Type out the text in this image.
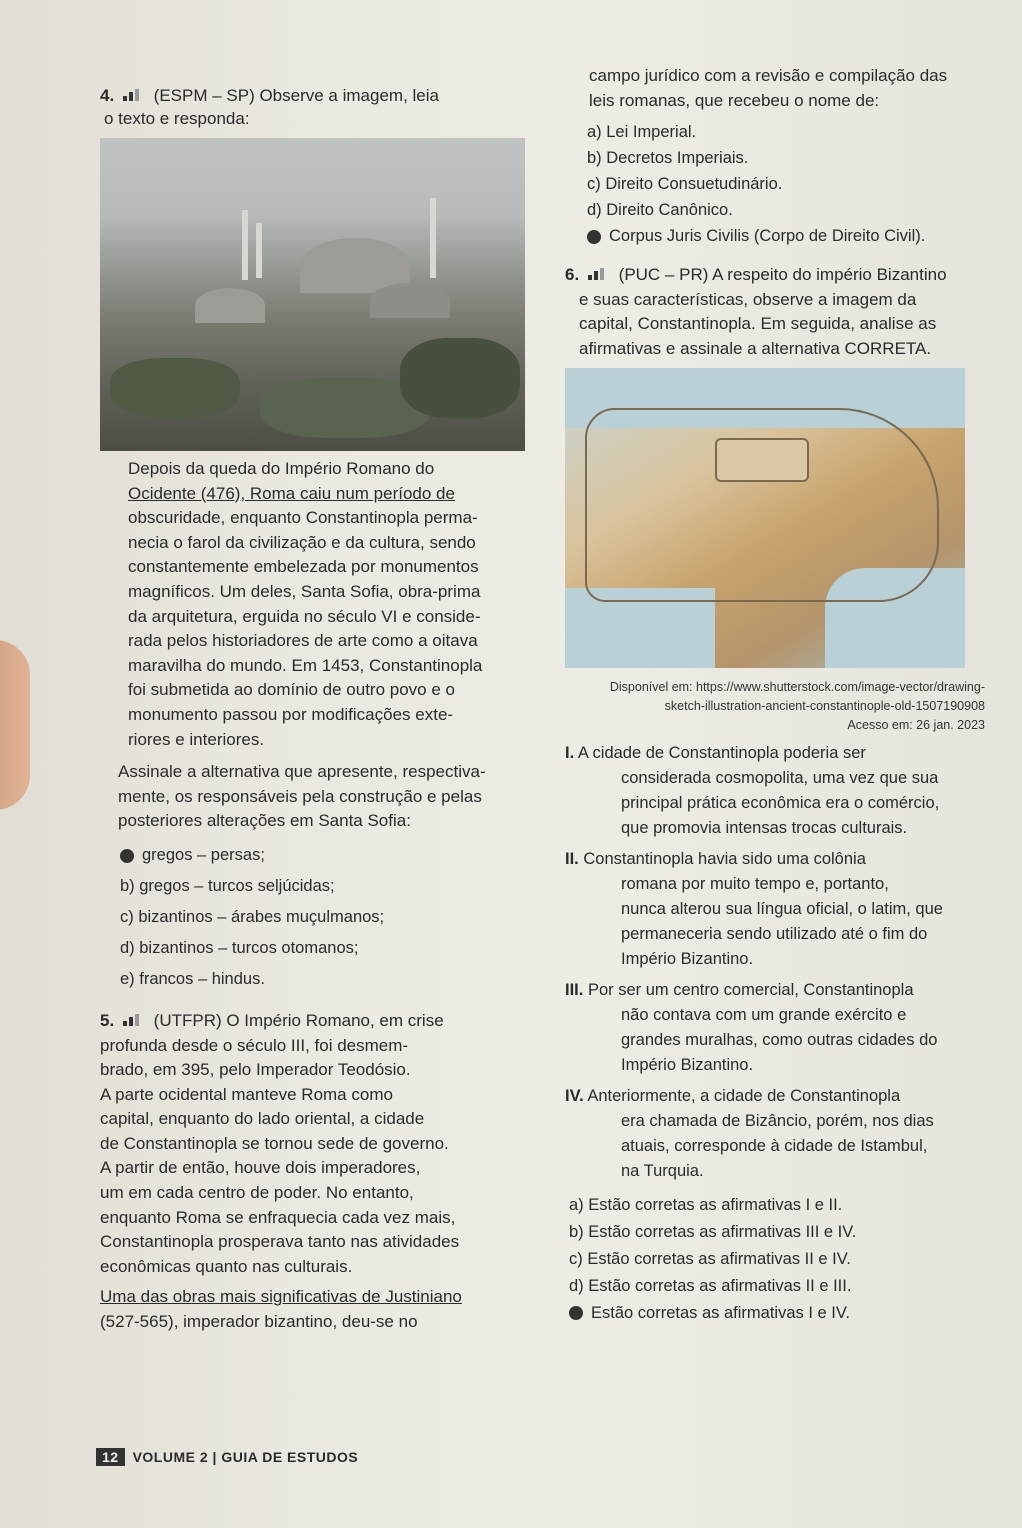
4. (ESPM – SP) Observe a imagem, leia
o texto e responda:
Depois da queda do Império Romano do
Ocidente (476), Roma caiu num período de
obscuridade, enquanto Constantinopla perma-
necia o farol da civilização e da cultura, sendo
constantemente embelezada por monumentos
magníficos. Um deles, Santa Sofia, obra-prima
da arquitetura, erguida no século VI e conside-
rada pelos historiadores de arte como a oitava
maravilha do mundo. Em 1453, Constantinopla
foi submetida ao domínio de outro povo e o
monumento passou por modificações exte-
riores e interiores.
Assinale a alternativa que apresente, respectiva-
mente, os responsáveis pela construção e pelas
posteriores alterações em Santa Sofia:
gregos – persas;
b) gregos – turcos seljúcidas;
c) bizantinos – árabes muçulmanos;
d) bizantinos – turcos otomanos;
e) francos – hindus.
5. (UTFPR) O Império Romano, em crise
profunda desde o século III, foi desmem-
brado, em 395, pelo Imperador Teodósio.
A parte ocidental manteve Roma como
capital, enquanto do lado oriental, a cidade
de Constantinopla se tornou sede de governo.
A partir de então, houve dois imperadores,
um em cada centro de poder. No entanto,
enquanto Roma se enfraquecia cada vez mais,
Constantinopla prosperava tanto nas atividades
econômicas quanto nas culturais.
Uma das obras mais significativas de Justiniano
(527-565), imperador bizantino, deu-se no
campo jurídico com a revisão e compilação das
leis romanas, que recebeu o nome de:
a) Lei Imperial.
b) Decretos Imperiais.
c) Direito Consuetudinário.
d) Direito Canônico.
Corpus Juris Civilis (Corpo de Direito Civil).
6. (PUC – PR) A respeito do império Bizantino
e suas características, observe a imagem da
capital, Constantinopla. Em seguida, analise as
afirmativas e assinale a alternativa CORRETA.
Disponível em: https://www.shutterstock.com/image-vector/drawing-
sketch-illustration-ancient-constantinople-old-1507190908
Acesso em: 26 jan. 2023
I. A cidade de Constantinopla poderia ser
considerada cosmopolita, uma vez que sua
principal prática econômica era o comércio,
que promovia intensas trocas culturais.
II. Constantinopla havia sido uma colônia
romana por muito tempo e, portanto,
nunca alterou sua língua oficial, o latim, que
permaneceria sendo utilizado até o fim do
Império Bizantino.
III. Por ser um centro comercial, Constantinopla
não contava com um grande exército e
grandes muralhas, como outras cidades do
Império Bizantino.
IV. Anteriormente, a cidade de Constantinopla
era chamada de Bizâncio, porém, nos dias
atuais, corresponde à cidade de Istambul,
na Turquia.
a) Estão corretas as afirmativas I e II.
b) Estão corretas as afirmativas III e IV.
c) Estão corretas as afirmativas II e IV.
d) Estão corretas as afirmativas II e III.
Estão corretas as afirmativas I e IV.
12 VOLUME 2 | GUIA DE ESTUDOS
